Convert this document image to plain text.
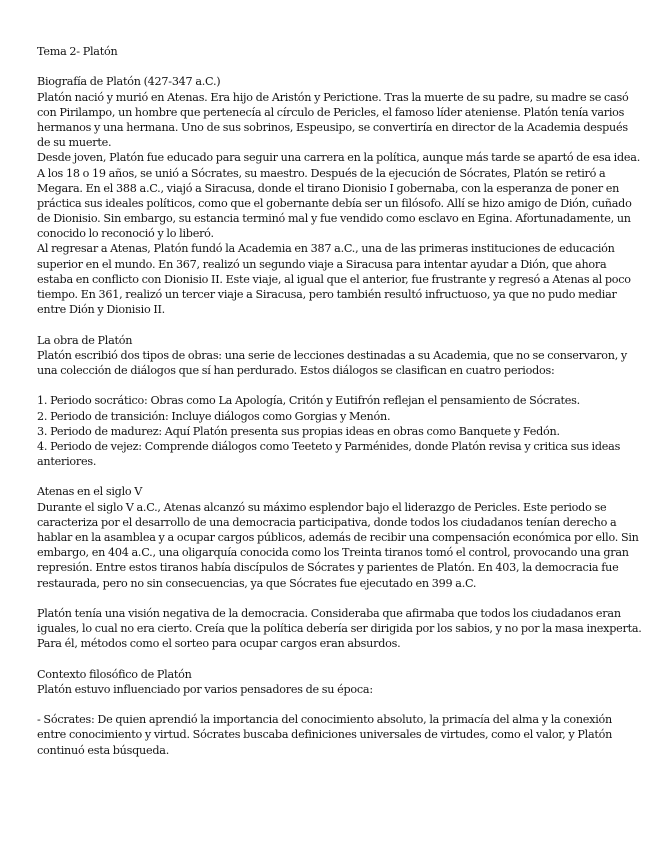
Tema 2- Platón
Biografía de Platón (427-347 a.C.)
Platón nació y murió en Atenas. Era hijo de Aristón y Perictione. Tras la muerte de su padre, su madre se casó
con Pirilampo, un hombre que pertenecía al círculo de Pericles, el famoso líder ateniense. Platón tenía varios
hermanos y una hermana. Uno de sus sobrinos, Espeusipo, se convertiría en director de la Academia después
de su muerte.
Desde joven, Platón fue educado para seguir una carrera en la política, aunque más tarde se apartó de esa idea.
A los 18 o 19 años, se unió a Sócrates, su maestro. Después de la ejecución de Sócrates, Platón se retiró a
Megara. En el 388 a.C., viajó a Siracusa, donde el tirano Dionisio I gobernaba, con la esperanza de poner en
práctica sus ideales políticos, como que el gobernante debía ser un filósofo. Allí se hizo amigo de Dión, cuñado
de Dionisio. Sin embargo, su estancia terminó mal y fue vendido como esclavo en Egina. Afortunadamente, un
conocido lo reconoció y lo liberó.
Al regresar a Atenas, Platón fundó la Academia en 387 a.C., una de las primeras instituciones de educación
superior en el mundo. En 367, realizó un segundo viaje a Siracusa para intentar ayudar a Dión, que ahora
estaba en conflicto con Dionisio II. Este viaje, al igual que el anterior, fue frustrante y regresó a Atenas al poco
tiempo. En 361, realizó un tercer viaje a Siracusa, pero también resultó infructuoso, ya que no pudo mediar
entre Dión y Dionisio II.
La obra de Platón
Platón escribió dos tipos de obras: una serie de lecciones destinadas a su Academia, que no se conservaron, y
una colección de diálogos que sí han perdurado. Estos diálogos se clasifican en cuatro periodos:
1. Periodo socrático: Obras como La Apología, Critón y Eutifrón reflejan el pensamiento de Sócrates.
2. Periodo de transición: Incluye diálogos como Gorgias y Menón.
3. Periodo de madurez: Aquí Platón presenta sus propias ideas en obras como Banquete y Fedón.
4. Periodo de vejez: Comprende diálogos como Teeteto y Parménides, donde Platón revisa y critica sus ideas
anteriores.
Atenas en el siglo V
Durante el siglo V a.C., Atenas alcanzó su máximo esplendor bajo el liderazgo de Pericles. Este periodo se
caracteriza por el desarrollo de una democracia participativa, donde todos los ciudadanos tenían derecho a
hablar en la asamblea y a ocupar cargos públicos, además de recibir una compensación económica por ello. Sin
embargo, en 404 a.C., una oligarquía conocida como los Treinta tiranos tomó el control, provocando una gran
represión. Entre estos tiranos había discípulos de Sócrates y parientes de Platón. En 403, la democracia fue
restaurada, pero no sin consecuencias, ya que Sócrates fue ejecutado en 399 a.C.
Platón tenía una visión negativa de la democracia. Consideraba que afirmaba que todos los ciudadanos eran
iguales, lo cual no era cierto. Creía que la política debería ser dirigida por los sabios, y no por la masa inexperta.
Para él, métodos como el sorteo para ocupar cargos eran absurdos.
Contexto filosófico de Platón
Platón estuvo influenciado por varios pensadores de su época:
- Sócrates: De quien aprendió la importancia del conocimiento absoluto, la primacía del alma y la conexión
entre conocimiento y virtud. Sócrates buscaba definiciones universales de virtudes, como el valor, y Platón
continuó esta búsqueda.
